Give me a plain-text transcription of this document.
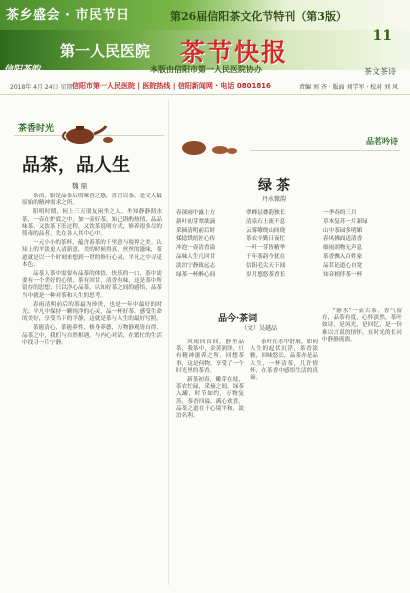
茶乡盛会 · 市民节日	第26届信阳茶文化节特刊（第3版）
11
第一人民医院 茶节快报
信阳茶韵	本版由信阳市第一人民医院协办	茶文茶诗
2018年 4月 24日 星期二
信阳市第一人民医院 | 医院热线 | 信阳新闻网 · 电话 0801816	责编 刘 齐 · 版面 刘学军 · 校对 刘 风
茶香时光
品茶，品人生
魏 鼎

茶清，始是品茶后的味香之感，喜言以茶，是文人最原始的精神需求之所。

阳明时期，何上三五朋友闲坐之人，坐知静静沏水茶，一壶在炉底之中，加一壶好茶，知己斟酌热情，品品味茶，又饮茶下肚过程，又饮茶说明方式，修养很多尽的简毒的品者，先在各人其中心中。

一元小小的茶杯，蕴含着茶的千里意与境界之美。认知上的平淡更人清新意，美的时候得真，丝丝的滋味，茶道就是以一个时刻来想到一世的修行心灵，平凡之中寻觅本色。

品茶人茶中需要有品茶的体悟，快乐的一口，茶中需要有一个美好的心情，茶有回甘，清香有味，这是茶中所留存的思想；只以净心品茶，认知好茶之间的感悟，品茶当中就是一种对茶和人生的思考。

春雨清明前后的茶最为珍贵，也是一年中最好的时光；平凡中保持一颗纯净的心灵，品一杯好茶，感受生命的美好，享受当下的平静，这就是茶与人生的最好写照。

茶能清心，茶能养性，修身养德，万物静观皆自得，品茶之中，我们与自然相遇，与内心对话，在繁忙的生活中找寻一片宁静。

品茗吟诗
绿茶
丹水微韵
春深雨中露上方
新叶初芽翠欲滴
采摘清明前后时
揉捻烘焙匠心传
冲泡一壶清香溢
品味人生几回甘
淡泊宁静致远志
绿茶一杯醉心间
翠峰层叠韵独长
清泉石上流不息
云雾缭绕山间绕
茶农辛勤日夜忙
一叶一芽皆精华
千年茶韵今犹在
信阳毛尖天下闻
岁月悠悠茶香长
一季春的三月
草木复苏一片新绿
山中茶园多明媚
春风拂面送清香
细雨润物无声息
茶香飘入百姓家
品茗论道心自宽
知音相伴茶一杯
品今·茶词
（文）吴越品

风雨回首间，静坐品茶，我茶中，金黄润泽，只有精神滋养之所，回想茶事，这是何物，享受了一个时光里的茶香。

新茶初春，嫩芽在枝，茶农忙碌，采摘之间，绿茶入罐，时节如约，万物复苏，茶香四溢，满心欢喜，品茶之道在于心境平和，淡泊名利。

茶叶在水中舒展，如同人生的起伏沉浮，茶香淡雅，回味悠长，品茶亦是品人生，一杯清茶，几许情怀，在茶香中感悟生活的真谛。

"静水"一壶古茶，香气留存，品茶有度，心怀淡然，茶叶如诗，是风光，是回忆，是一份难以言说的情怀，在时光的长河中静静流淌。
